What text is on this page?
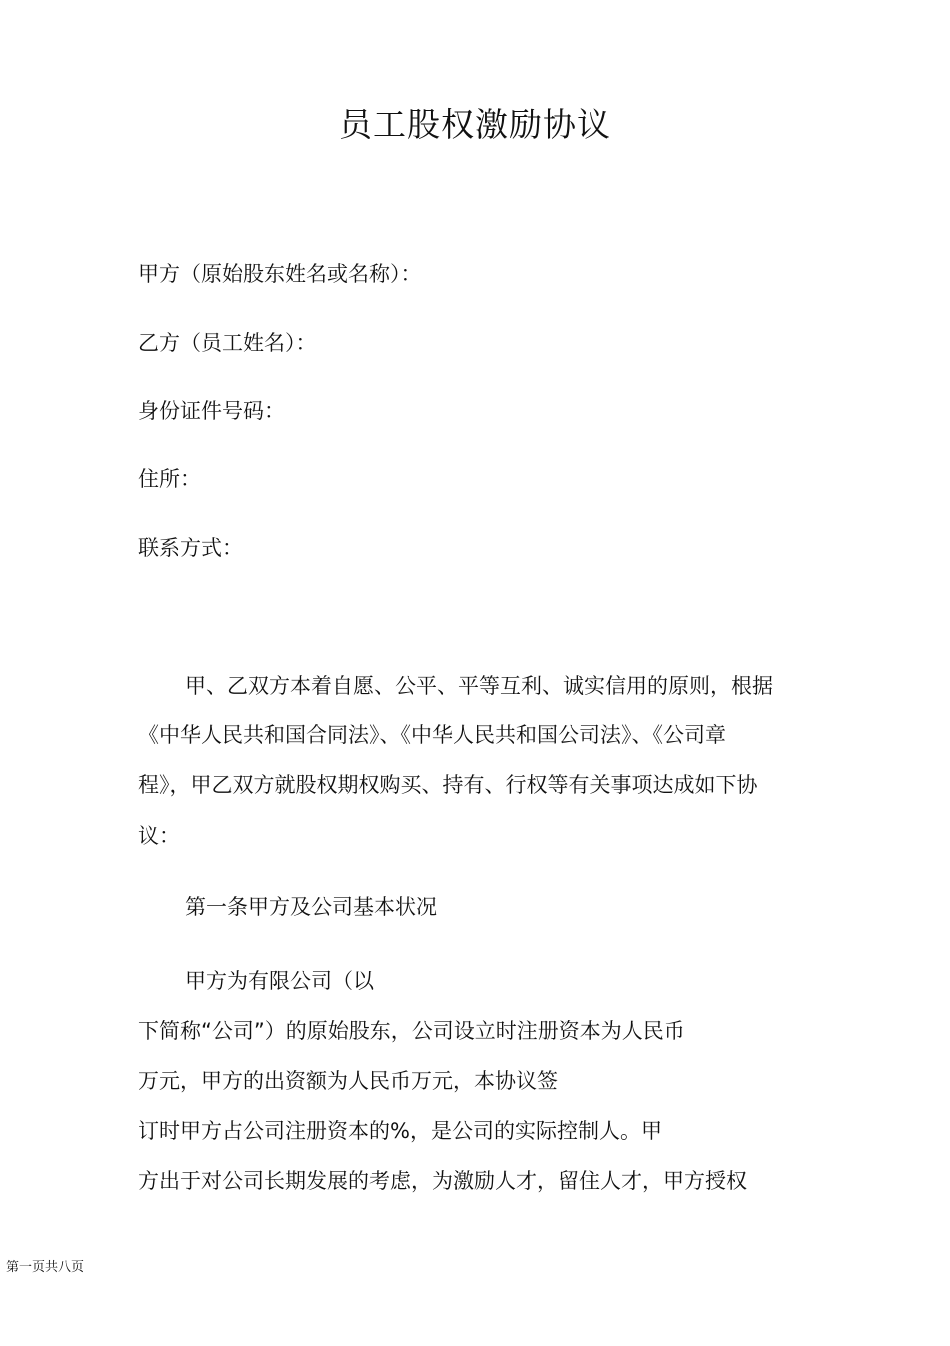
员工股权激励协议
甲方（原始股东姓名或名称）：
乙方（员工姓名）：
身份证件号码：
住所：
联系方式：
甲、乙双方本着自愿、公平、平等互利、诚实信用的原则，根据
《中华人民共和国合同法》、《中华人民共和国公司法》、《公司章
程》，甲乙双方就股权期权购买、持有、行权等有关事项达成如下协
议：
第一条甲方及公司基本状况
甲方为有限公司（以
下简称“公司”）的原始股东，公司设立时注册资本为人民币
万元，甲方的出资额为人民币万元，本协议签
订时甲方占公司注册资本的%，是公司的实际控制人。甲
方出于对公司长期发展的考虑，为激励人才，留住人才，甲方授权
第一页共八页
